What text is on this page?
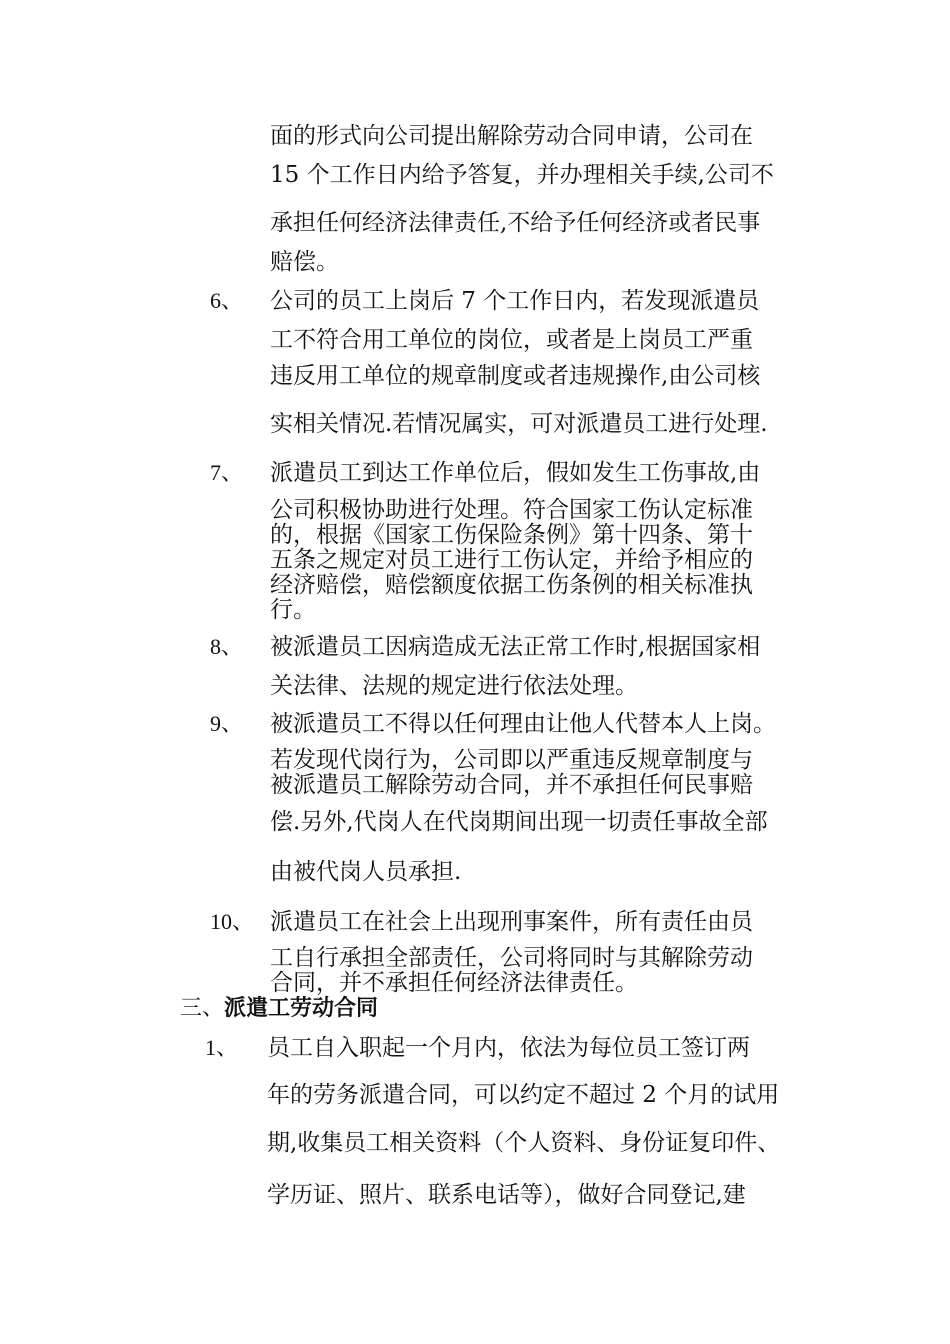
面的形式向公司提出解除劳动合同申请，公司在
15 个工作日内给予答复，并办理相关手续,公司不
承担任何经济法律责任,不给予任何经济或者民事
赔偿。
6、 公司的员工上岗后 7 个工作日内，若发现派遣员
工不符合用工单位的岗位，或者是上岗员工严重
违反用工单位的规章制度或者违规操作,由公司核
实相关情况.若情况属实，可对派遣员工进行处理.
7、 派遣员工到达工作单位后，假如发生工伤事故,由
公司积极协助进行处理。符合国家工伤认定标准
的，根据《国家工伤保险条例》第十四条、第十
五条之规定对员工进行工伤认定，并给予相应的
经济赔偿，赔偿额度依据工伤条例的相关标准执
行。
8、 被派遣员工因病造成无法正常工作时,根据国家相
关法律、法规的规定进行依法处理。
9、 被派遣员工不得以任何理由让他人代替本人上岗。
若发现代岗行为，公司即以严重违反规章制度与
被派遣员工解除劳动合同，并不承担任何民事赔
偿.另外,代岗人在代岗期间出现一切责任事故全部
由被代岗人员承担.
10、 派遣员工在社会上出现刑事案件，所有责任由员
工自行承担全部责任，公司将同时与其解除劳动
合同，并不承担任何经济法律责任。
三、派遣工劳动合同
1、 员工自入职起一个月内，依法为每位员工签订两
年的劳务派遣合同，可以约定不超过 2 个月的试用
期,收集员工相关资料（个人资料、身份证复印件、
学历证、照片、联系电话等），做好合同登记,建
